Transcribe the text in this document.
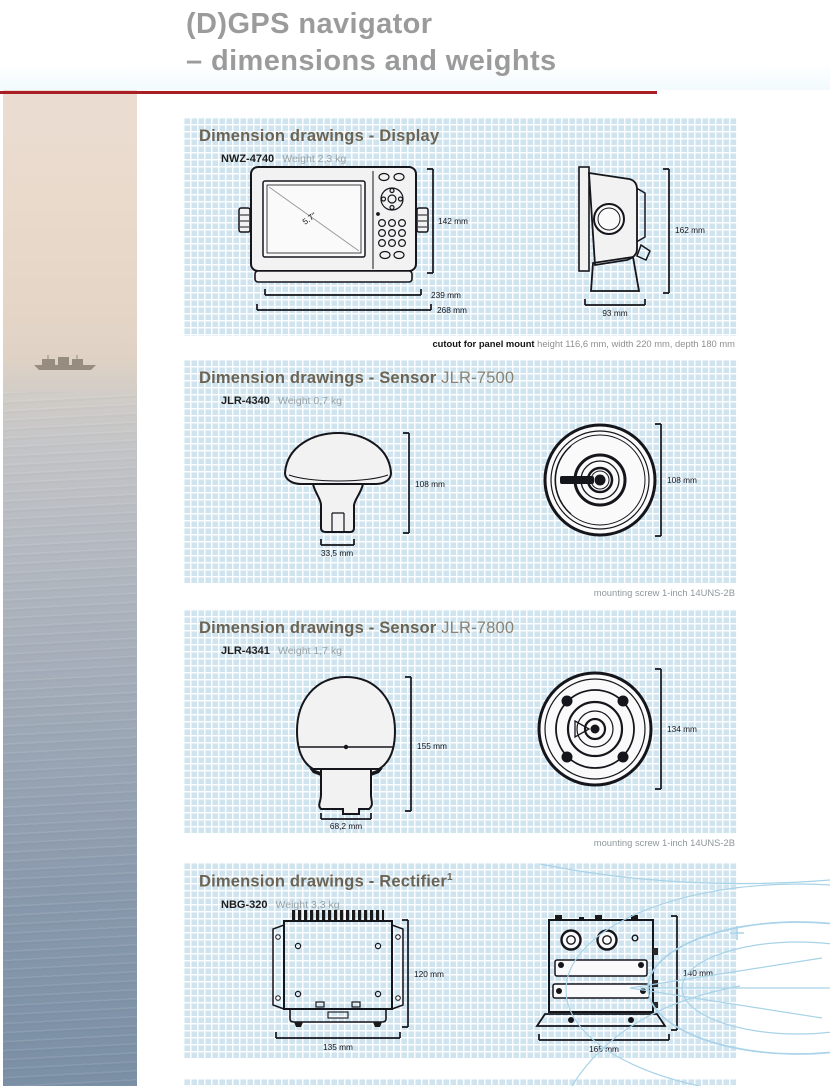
(D)GPS navigator
– dimensions and weights
Dimension drawings - Display
NWZ-4740 Weight 2,3 kg
5.7"	142 mm
239 mm
268 mm
162 mm
93 mm
cutout for panel mount height 116,6 mm, width 220 mm, depth 180 mm
Dimension drawings - Sensor JLR-7500
JLR-4340 Weight 0,7 kg
33,5 mm
108 mm	108 mm
mounting screw 1-inch 14UNS-2B
Dimension drawings - Sensor JLR-7800
JLR-4341 Weight 1,7 kg
68,2 mm
155 mm
134 mm
mounting screw 1-inch 14UNS-2B
Dimension drawings - Rectifier$^1$
NBG-320 Weight 3,3 kg
120 mm
135 mm
140 mm
165 mm
